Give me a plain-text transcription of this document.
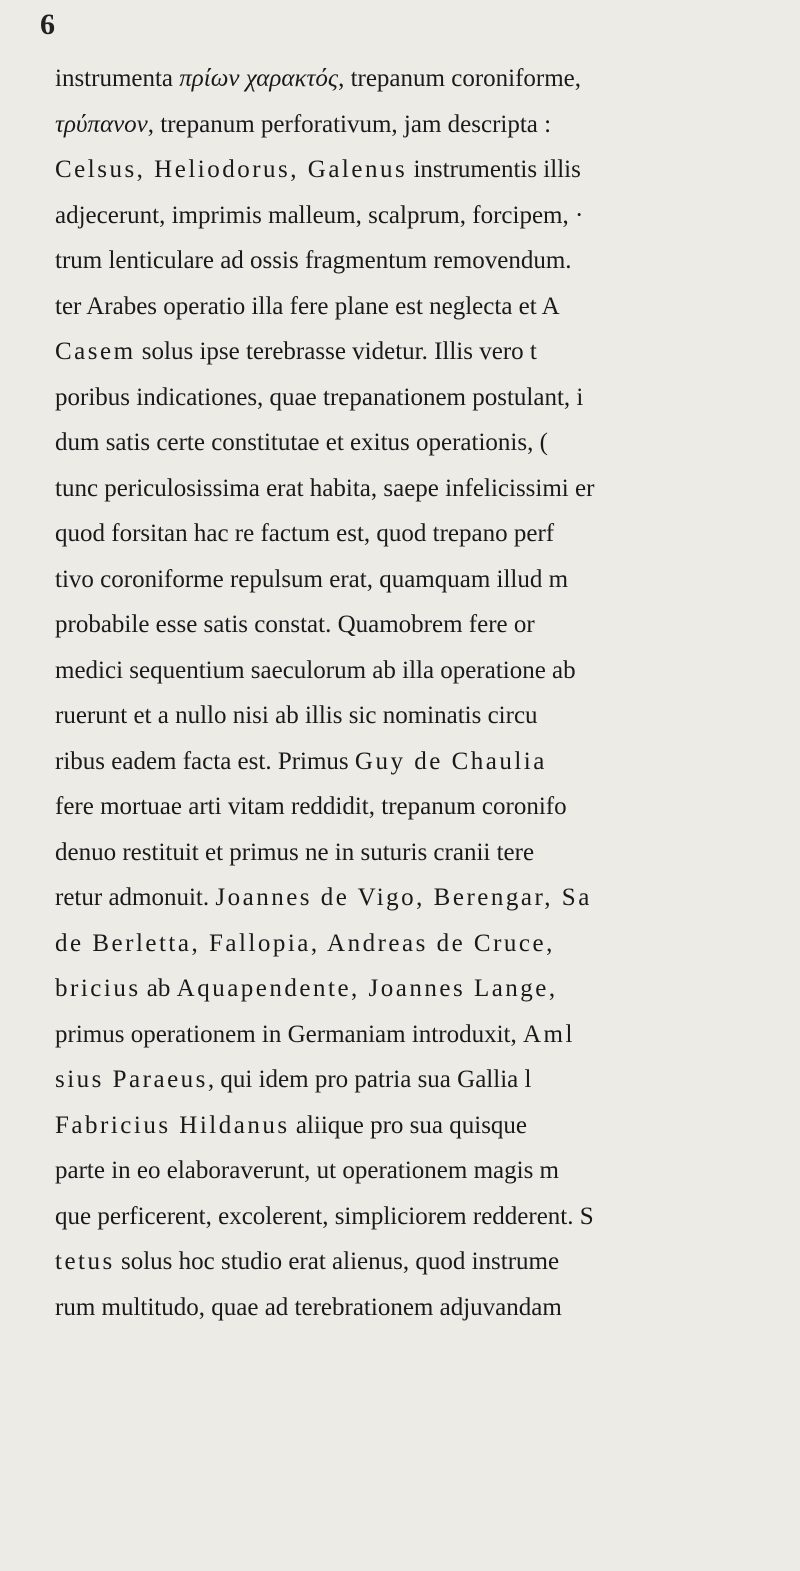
6
instrumenta πρίων χαρακτός, trepanum coroniforme,
τρύπανον, trepanum perforativum, jam descripta :
Celsus, Heliodorus, Galenus instrumentis illis
adjecerunt, imprimis malleum, scalprum, forcipem, ·
trum lenticulare ad ossis fragmentum removendum.
ter Arabes operatio illa fere plane est neglecta et A
Casem solus ipse terebrasse videtur. Illis vero t
poribus indicationes, quae trepanationem postulant, i
dum satis certe constitutae et exitus operationis, (
tunc periculosissima erat habita, saepe infelicissimi er
quod forsitan hac re factum est, quod trepano perf
tivo coroniforme repulsum erat, quamquam illud m
probabile esse satis constat. Quamobrem fere or
medici sequentium saeculorum ab illa operatione ab
ruerunt et a nullo nisi ab illis sic nominatis circu
ribus eadem facta est. Primus Guy de Chaulia
fere mortuae arti vitam reddidit, trepanum coronifo
denuo restituit et primus ne in suturis cranii tere
retur admonuit. Joannes de Vigo, Berengar, Sa
de Berletta, Fallopia, Andreas de Cruce,
bricius ab Aquapendente, Joannes Lange,
primus operationem in Germaniam introduxit, Aml
sius Paraeus, qui idem pro patria sua Gallia l
Fabricius Hildanus aliique pro sua quisque
parte in eo elaboraverunt, ut operationem magis m
que perficerent, excolerent, simpliciorem redderent. S
tetus solus hoc studio erat alienus, quod instrume
rum multitudo, quae ad terebrationem adjuvandam
